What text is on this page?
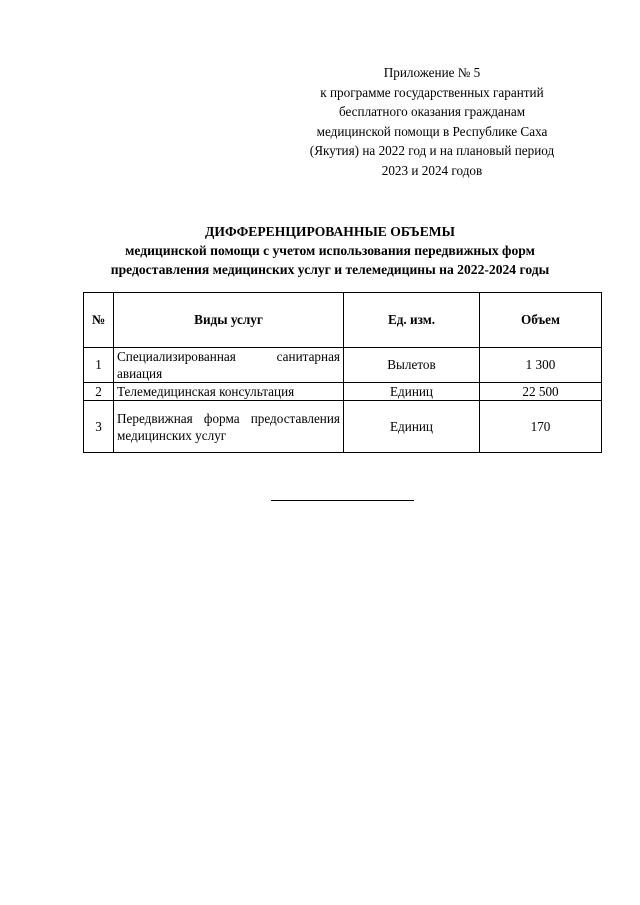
Приложение № 5
к программе государственных гарантий
бесплатного оказания гражданам
медицинской помощи в Республике Саха
(Якутия) на 2022 год и на плановый период
2023 и 2024 годов
ДИФФЕРЕНЦИРОВАННЫЕ ОБЪЕМЫ
медицинской помощи с учетом использования передвижных форм
предоставления медицинских услуг и телемедицины на 2022-2024 годы
№	Виды услуг	Ед. изм.	Объем
1	Специализированная санитарная авиация	Вылетов	1 300
2	Телемедицинская консультация	Единиц	22 500
3	Передвижная форма предоставления медицинских услуг	Единиц	170
